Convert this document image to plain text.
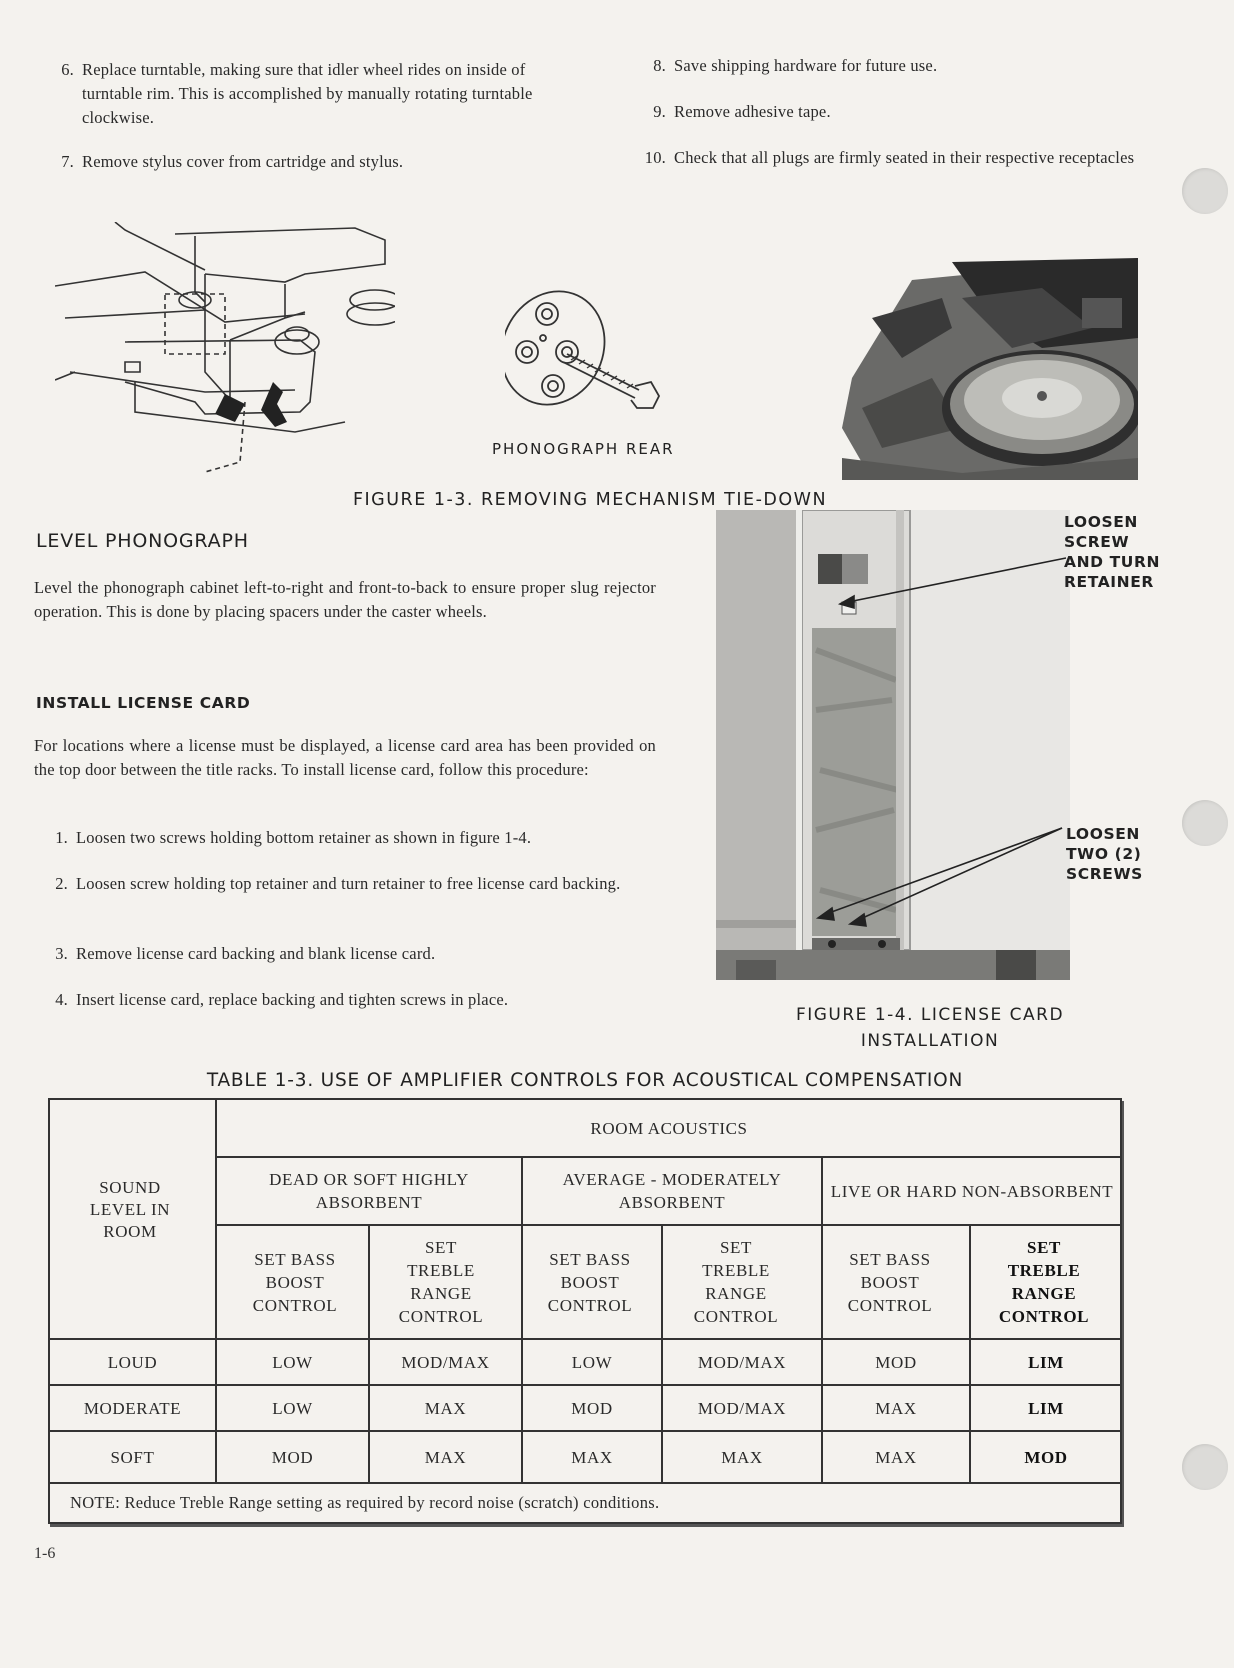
6. Replace turntable, making sure that idler wheel rides on inside of turntable rim. This is accomplished by manually rotating turntable clockwise.
7. Remove stylus cover from cartridge and stylus.
8. Save shipping hardware for future use.
9. Remove adhesive tape.
10. Check that all plugs are firmly seated in their respective receptacles
PHONOGRAPH REAR
FIGURE 1-3. REMOVING MECHANISM TIE-DOWN
LEVEL PHONOGRAPH
Level the phonograph cabinet left-to-right and front-to-back to ensure proper slug rejector operation. This is done by placing spacers under the caster wheels.
INSTALL LICENSE CARD
For locations where a license must be displayed, a license card area has been provided on the top door between the title racks. To install license card, follow this procedure:
1. Loosen two screws holding bottom retainer as shown in figure 1-4.
2. Loosen screw holding top retainer and turn retainer to free license card backing.
3. Remove license card backing and blank license card.
4. Insert license card, replace backing and tighten screws in place.
LOOSEN
SCREW
AND TURN
RETAINER
LOOSEN
TWO (2)
SCREWS
FIGURE 1-4. LICENSE CARD
INSTALLATION
TABLE 1-3. USE OF AMPLIFIER CONTROLS FOR ACOUSTICAL COMPENSATION
SOUND LEVEL IN ROOM
ROOM ACOUSTICS
DEAD OR SOFT HIGHLY ABSORBENT
AVERAGE - MODERATELY ABSORBENT
LIVE OR HARD NON-ABSORBENT
SET BASS BOOST CONTROL
SET TREBLE RANGE CONTROL
SET BASS BOOST CONTROL
SET TREBLE RANGE CONTROL
SET BASS BOOST CONTROL
SET TREBLE RANGE CONTROL
LOUD	LOW	MOD/MAX	LOW	MOD/MAX	MOD	LIM
MODERATE	LOW	MAX	MOD	MOD/MAX	MAX	LIM
SOFT	MOD	MAX	MAX	MAX	MAX	MOD
NOTE: Reduce Treble Range setting as required by record noise (scratch) conditions.
1-6
